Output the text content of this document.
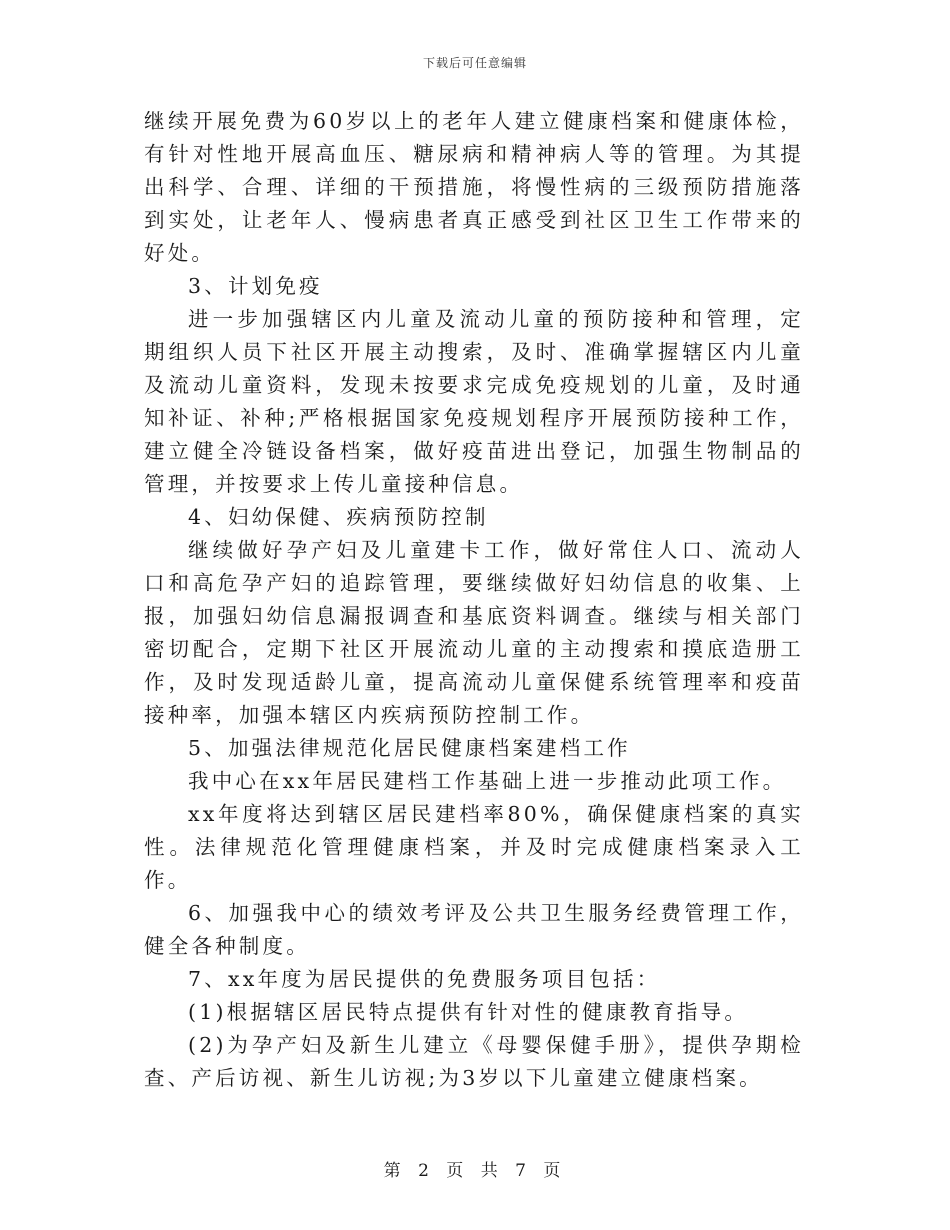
下载后可任意编辑

继续开展免费为60岁以上的老年人建立健康档案和健康体检，有针对性地开展高血压、糖尿病和精神病人等的管理。为其提出科学、合理、详细的干预措施，将慢性病的三级预防措施落到实处，让老年人、慢病患者真正感受到社区卫生工作带来的好处。

3、计划免疫

进一步加强辖区内儿童及流动儿童的预防接种和管理，定期组织人员下社区开展主动搜索，及时、准确掌握辖区内儿童及流动儿童资料，发现未按要求完成免疫规划的儿童，及时通知补证、补种;严格根据国家免疫规划程序开展预防接种工作，建立健全冷链设备档案，做好疫苗进出登记，加强生物制品的管理，并按要求上传儿童接种信息。

4、妇幼保健、疾病预防控制

继续做好孕产妇及儿童建卡工作，做好常住人口、流动人口和高危孕产妇的追踪管理，要继续做好妇幼信息的收集、上报，加强妇幼信息漏报调查和基底资料调查。继续与相关部门密切配合，定期下社区开展流动儿童的主动搜索和摸底造册工作，及时发现适龄儿童，提高流动儿童保健系统管理率和疫苗接种率，加强本辖区内疾病预防控制工作。

5、加强法律规范化居民健康档案建档工作

我中心在xx年居民建档工作基础上进一步推动此项工作。

xx年度将达到辖区居民建档率80%，确保健康档案的真实性。法律规范化管理健康档案，并及时完成健康档案录入工作。

6、加强我中心的绩效考评及公共卫生服务经费管理工作，健全各种制度。

7、xx年度为居民提供的免费服务项目包括：

(1)根据辖区居民特点提供有针对性的健康教育指导。

(2)为孕产妇及新生儿建立《母婴保健手册》，提供孕期检查、产后访视、新生儿访视;为3岁以下儿童建立健康档案。

第 2 页 共 7 页
